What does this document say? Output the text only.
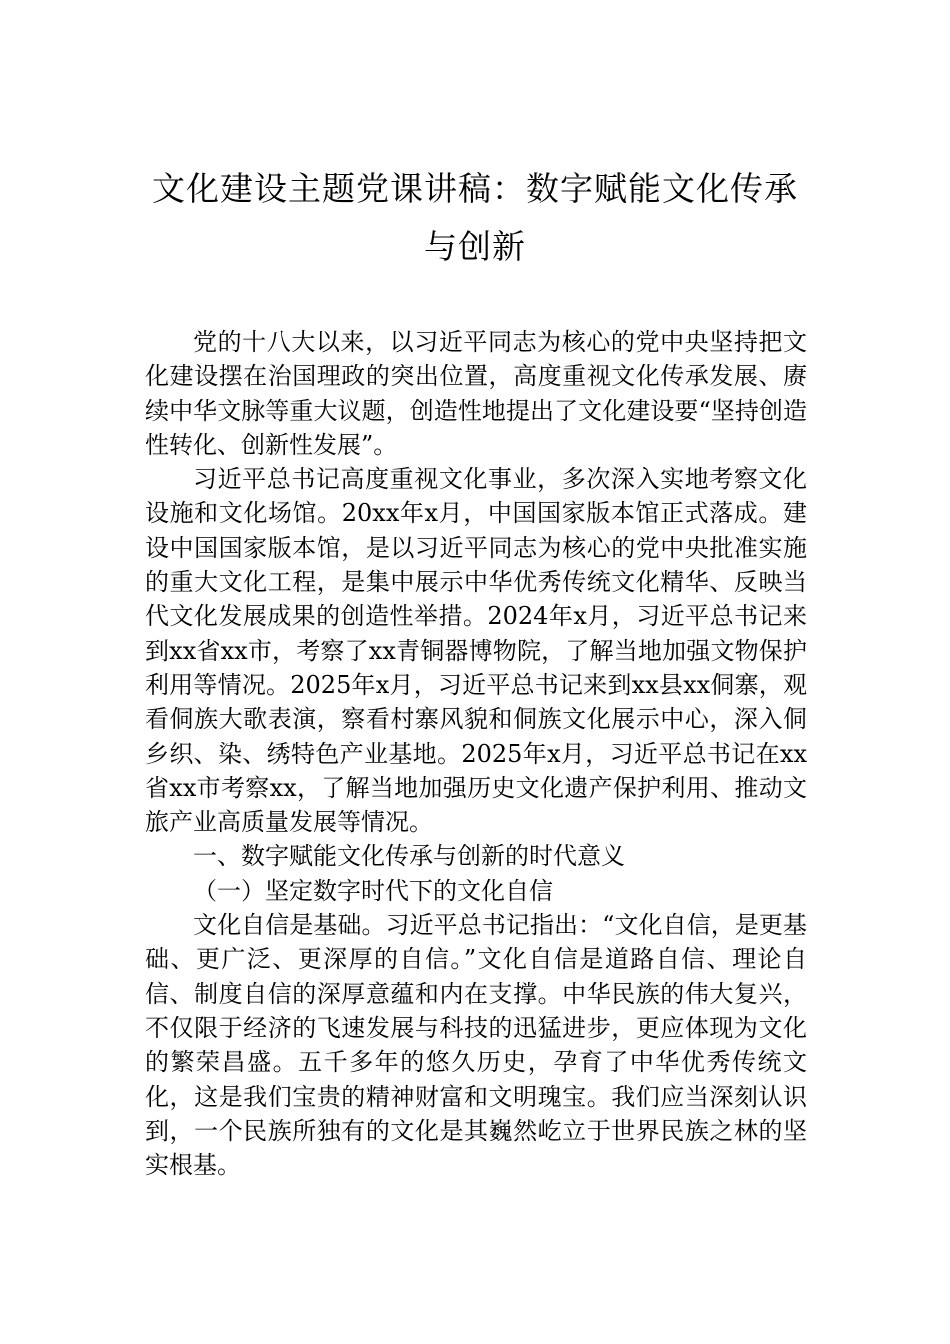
文化建设主题党课讲稿：数字赋能文化传承与创新

党的十八大以来，以习近平同志为核心的党中央坚持把文化建设摆在治国理政的突出位置，高度重视文化传承发展、赓续中华文脉等重大议题，创造性地提出了文化建设要“坚持创造性转化、创新性发展”。

习近平总书记高度重视文化事业，多次深入实地考察文化设施和文化场馆。20xx年x月，中国国家版本馆正式落成。建设中国国家版本馆，是以习近平同志为核心的党中央批准实施的重大文化工程，是集中展示中华优秀传统文化精华、反映当代文化发展成果的创造性举措。2024年x月，习近平总书记来到xx省xx市，考察了xx青铜器博物院，了解当地加强文物保护利用等情况。2025年x月，习近平总书记来到xx县xx侗寨，观看侗族大歌表演，察看村寨风貌和侗族文化展示中心，深入侗乡织、染、绣特色产业基地。2025年x月，习近平总书记在xx省xx市考察xx，了解当地加强历史文化遗产保护利用、推动文旅产业高质量发展等情况。

一、数字赋能文化传承与创新的时代意义

（一）坚定数字时代下的文化自信

文化自信是基础。习近平总书记指出：“文化自信，是更基础、更广泛、更深厚的自信。”文化自信是道路自信、理论自信、制度自信的深厚意蕴和内在支撑。中华民族的伟大复兴，不仅限于经济的飞速发展与科技的迅猛进步，更应体现为文化的繁荣昌盛。五千多年的悠久历史，孕育了中华优秀传统文化，这是我们宝贵的精神财富和文明瑰宝。我们应当深刻认识到，一个民族所独有的文化是其巍然屹立于世界民族之林的坚实根基。
